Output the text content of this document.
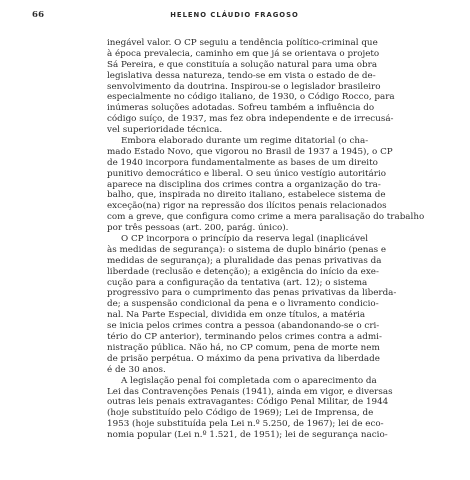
66	HELENO CLÁUDIO FRAGOSO
inegável valor. O CP seguiu a tendência político-criminal que
à época prevalecia, caminho em que já se orientava o projeto
Sá Pereira, e que constituía a solução natural para uma obra
legislativa dessa natureza, tendo-se em vista o estado de de-
senvolvimento da doutrina. Inspirou-se o legislador brasileiro
especialmente no código italiano, de 1930, o Código Rocco, para
inúmeras soluções adotadas. Sofreu também a influência do
código suíço, de 1937, mas fez obra independente e de irrecusá-
vel superioridade técnica.
Embora elaborado durante um regime ditatorial (o cha-
mado Estado Novo, que vigorou no Brasil de 1937 a 1945), o CP
de 1940 incorpora fundamentalmente as bases de um direito
punitivo democrático e liberal. O seu único vestígio autoritário
aparece na disciplina dos crimes contra a organização do tra-
balho, que, inspirada no direito italiano, estabelece sistema de
exceção(na) rigor na repressão dos ilícitos penais relacionados
com a greve, que configura como crime a mera paralisação do trabalho
por três pessoas (art. 200, parág. único).
O CP incorpora o princípio da reserva legal (inaplicável
às medidas de segurança): o sistema de duplo binário (penas e
medidas de segurança); a pluralidade das penas privativas da
liberdade (reclusão e detenção); a exigência do início da exe-
cução para a configuração da tentativa (art. 12); o sistema
progressivo para o cumprimento das penas privativas da liberda-
de; a suspensão condicional da pena e o livramento condicio-
nal. Na Parte Especial, dividida em onze títulos, a matéria
se inicia pelos crimes contra a pessoa (abandonando-se o cri-
tério do CP anterior), terminando pelos crimes contra a admi-
nistração pública. Não há, no CP comum, pena de morte nem
de prisão perpétua. O máximo da pena privativa da liberdade
é de 30 anos.
A legislação penal foi completada com o aparecimento da
Lei das Contravenções Penais (1941), ainda em vigor, e diversas
outras leis penais extravagantes: Código Penal Militar, de 1944
(hoje substituído pelo Código de 1969); Lei de Imprensa, de
1953 (hoje substituída pela Lei n.º 5.250, de 1967); lei de eco-
nomia popular (Lei n.º 1.521, de 1951); lei de segurança nacio-
